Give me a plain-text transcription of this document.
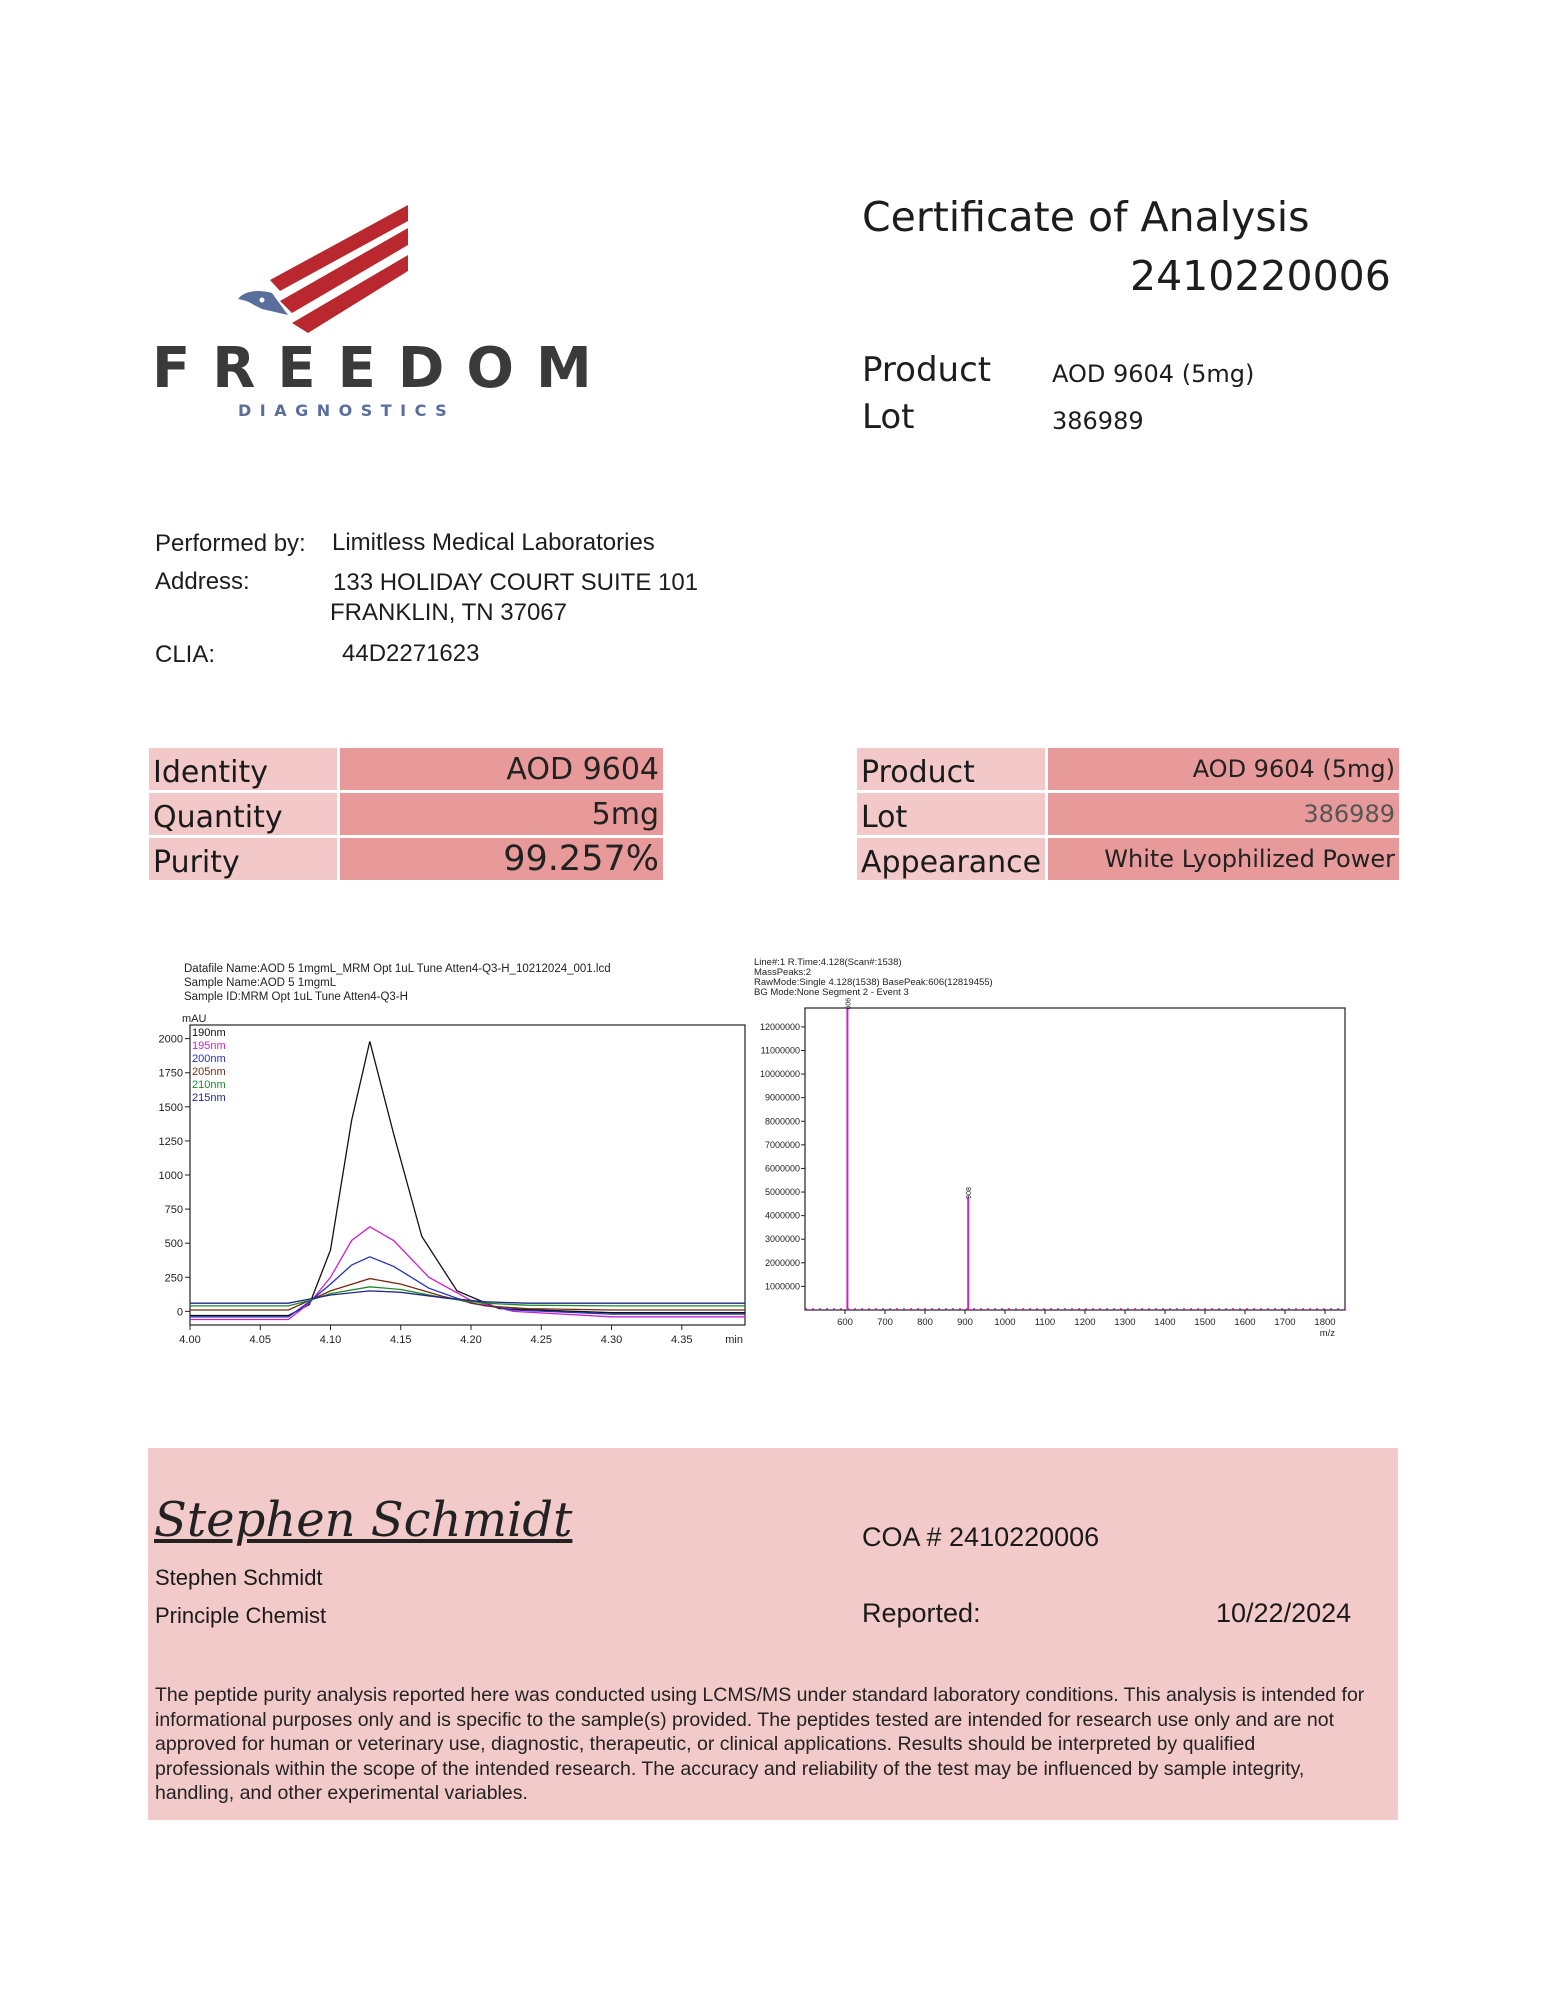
FREEDOM
DIAGNOSTICS
Certificate of Analysis
2410220006
Product	AOD 9604 (5mg)
Lot	386989
Performed by: Limitless Medical Laboratories
Address:	133 HOLIDAY COURT SUITE 101
FRANKLIN, TN 37067
CLIA:	44D2271623
Identity	AOD 9604
Quantity	5mg
Purity	99.257%
Product	AOD 9604 (5mg)
Lot	386989
Appearance	White Lyophilized Power
Datafile Name:AOD 5 1mgmL_MRM Opt 1uL Tune Atten4-Q3-H_10212024_001.lcd
Sample Name:AOD 5 1mgmL
Sample ID:MRM Opt 1uL Tune Atten4-Q3-H
mAU
0
250
500
750
1000
1250
1500
1750
2000
4.00	4.05	4.10	4.15	4.20	4.25	4.30	4.35	min
190nm
195nm
200nm
205nm
210nm
215nm
Line#:1 R.Time:4.128(Scan#:1538)
MassPeaks:2
RawMode:Single 4.128(1538) BasePeak:606(12819455)
BG Mode:None Segment 2 - Event 3
1000000
2000000
3000000
4000000
5000000
6000000
7000000
8000000
9000000
10000000
11000000
12000000
600	700	800	900 1000 1100 1200 1300 1400 1500 1600 1700 1800
m/z
606
908
Stephen Schmidt
Stephen Schmidt
Principle Chemist
COA # 2410220006
Reported:	10/22/2024
The peptide purity analysis reported here was conducted using LCMS/MS under standard laboratory conditions. This analysis is intended for informational purposes only and is specific to the sample(s) provided. The peptides tested are intended for research use only and are not approved for human or veterinary use, diagnostic, therapeutic, or clinical applications. Results should be interpreted by qualified professionals within the scope of the intended research. The accuracy and reliability of the test may be influenced by sample integrity, handling, and other experimental variables.
